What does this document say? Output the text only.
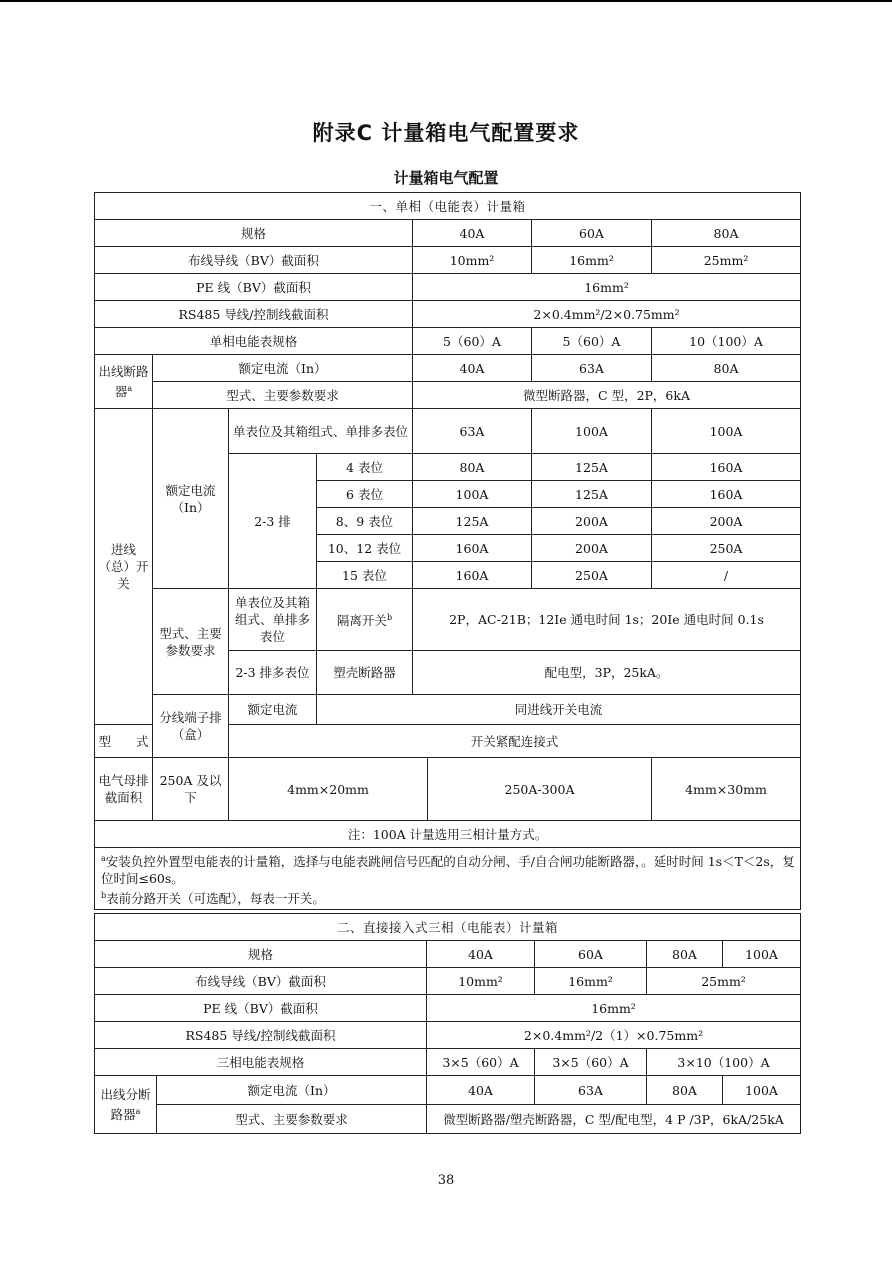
附录C 计量箱电气配置要求
计量箱电气配置
一、单相（电能表）计量箱							
规格				40A		60A	80A
布线导线（BV）截面积				10mm²		16mm²	25mm²
PE 线（BV）截面积				16mm²			
RS485 导线/控制线截面积				2×0.4mm²/2×0.75mm²			
单相电能表规格				5（60）A		5（60）A	10（100）A
出线断路器$^a$	额定电流（In）			40A		63A	80A
	型式、主要参数要求			微型断路器，C 型，2P，6kA			
进线（总）开关	额定电流（In）	单表位及其箱组式、单排多表位		63A		100A	100A
		2-3 排	4 表位	80A		125A	160A
			6 表位	100A		125A	160A
			8、9 表位	125A		200A	200A
			10、12 表位	160A		200A	250A
			15 表位	160A		250A	/
	型式、主要参数要求	单表位及其箱组式、单排多表位	隔离开关$^b$	2P，AC-21B；12Ie 通电时间 1s；20Ie 通电时间 0.1s			
		2-3 排多表位	塑壳断路器	配电型，3P，25kA。			
	分线端子排（盒）	额定电流	同进线开关电流				
型　　式		开关紧配连接式					
电气母排截面积	250A 及以下	4mm×20mm			250A-300A		4mm×30mm
注：100A 计量选用三相计量方式。							

$^a$安装负控外置型电能表的计量箱，选择与电能表跳闸信号匹配的自动分闸、手/自合闸功能断路器，。延时时间 1s＜T＜2s，复位时间≤60s。
$^b$表前分路开关（可选配），每表一开关。							
二、直接接入式三相（电能表）计量箱					
规格		40A	60A	80A	100A
布线导线（BV）截面积		10mm²	16mm²	25mm²	
PE 线（BV）截面积		16mm²			
RS485 导线/控制线截面积		2×0.4mm²/2（1）×0.75mm²			
三相电能表规格		3×5（60）A	3×5（60）A	3×10（100）A	
出线分断路器$^a$	额定电流（In）	40A	63A	80A	100A
	型式、主要参数要求	微型断路器/塑壳断路器，C 型/配电型，4 P /3P，6kA/25kA			
38
